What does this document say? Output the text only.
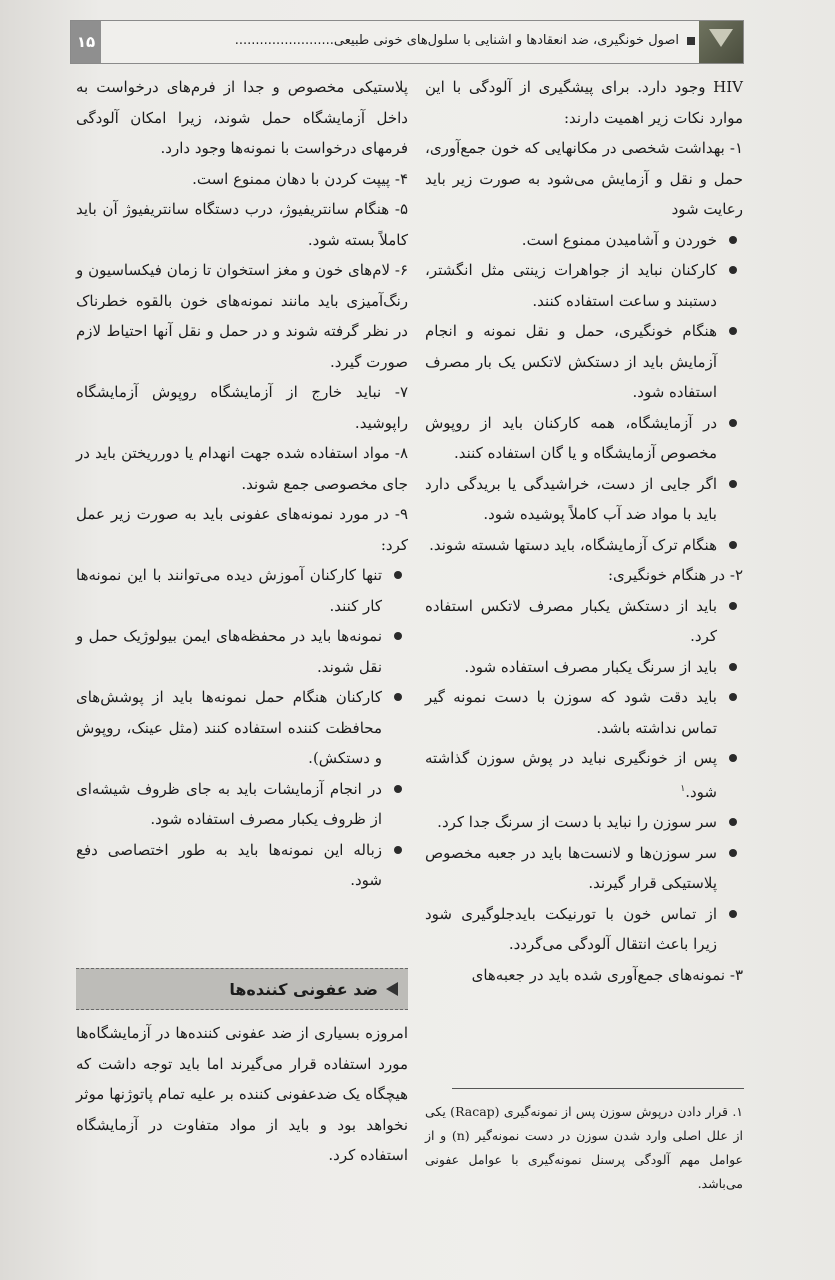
۱۵	اصول خونگیری، ضد انعقادها و آشنایی با سلول‌های خونی طبیعی........................

HIV وجود دارد. برای پیشگیری از آلودگی با این موارد نکات زیر اهمیت دارند:

۱- بهداشت شخصی در مکانهایی که خون جمع‌آوری، حمل و نقل و آزمایش می‌شود به صورت زیر باید رعایت شود

خوردن و آشامیدن ممنوع است.
کارکنان نباید از جواهرات زینتی مثل انگشتر، دستبند و ساعت استفاده کنند.
هنگام خونگیری، حمل و نقل نمونه و انجام آزمایش باید از دستکش لاتکس یک بار مصرف استفاده شود.
در آزمایشگاه، همه کارکنان باید از روپوش مخصوص آزمایشگاه و یا گان استفاده کنند.
اگر جایی از دست، خراشیدگی یا بریدگی دارد باید با مواد ضد آب کاملاً پوشیده شود.
هنگام ترک آزمایشگاه، باید دستها شسته شوند.

۲- در هنگام خونگیری:

باید از دستکش یکبار مصرف لاتکس استفاده کرد.
باید از سرنگ یکبار مصرف استفاده شود.
باید دقت شود که سوزن با دست نمونه گیر تماس نداشته باشد.
پس از خونگیری نباید در پوش سوزن گذاشته شود.$^۱$
سر سوزن را نباید با دست از سرنگ جدا کرد.
سر سوزن‌ها و لانست‌ها باید در جعبه مخصوص پلاستیکی قرار گیرند.
از تماس خون با تورنیکت بایدجلوگیری شود زیرا باعث انتقال آلودگی می‌گردد.

۳- نمونه‌های جمع‌آوری شده باید در جعبه‌های

پلاستیکی مخصوص و جدا از فرم‌های درخواست به داخل آزمایشگاه حمل شوند، زیرا امکان آلودگی فرمهای درخواست با نمونه‌ها وجود دارد.

۴- پیپت کردن با دهان ممنوع است.

۵- هنگام سانتریفیوژ، درب دستگاه سانتریفیوژ آن باید کاملاً بسته شود.

۶- لام‌های خون و مغز استخوان تا زمان فیکساسیون و رنگ‌آمیزی باید مانند نمونه‌های خون بالقوه خطرناک در نظر گرفته شوند و در حمل و نقل آنها احتیاط لازم صورت گیرد.

۷- نباید خارج از آزمایشگاه روپوش آزمایشگاه راپوشید.

۸- مواد استفاده شده جهت انهدام یا دورریختن باید در جای مخصوصی جمع شوند.

۹- در مورد نمونه‌های عفونی باید به صورت زیر عمل کرد:

تنها کارکنان آموزش دیده می‌توانند با این نمونه‌ها کار کنند.
نمونه‌ها باید در محفظه‌های ایمن بیولوژیک حمل و نقل شوند.
کارکنان هنگام حمل نمونه‌ها باید از پوشش‌های محافظت کننده استفاده کنند (مثل عینک، روپوش و دستکش).
در انجام آزمایشات باید به جای ظروف شیشه‌ای از ظروف یکبار مصرف استفاده شود.
زباله این نمونه‌ها باید به طور اختصاصی دفع شود.
ضد عفونی کننده‌ها

امروزه بسیاری از ضد عفونی کننده‌ها در آزمایشگاه‌ها مورد استفاده قرار می‌گیرند اما باید توجه داشت که هیچگاه یک ضدعفونی کننده بر علیه تمام پاتوژنها موثر نخواهد بود و باید از مواد متفاوت در آزمایشگاه استفاده کرد.

۱. قرار دادن درپوش سوزن پس از نمونه‌گیری (Racap) یکی از علل اصلی وارد شدن سوزن در دست نمونه‌گیر (n) و از عوامل مهم آلودگی پرسنل نمونه‌گیری با عوامل عفونی می‌باشد.
